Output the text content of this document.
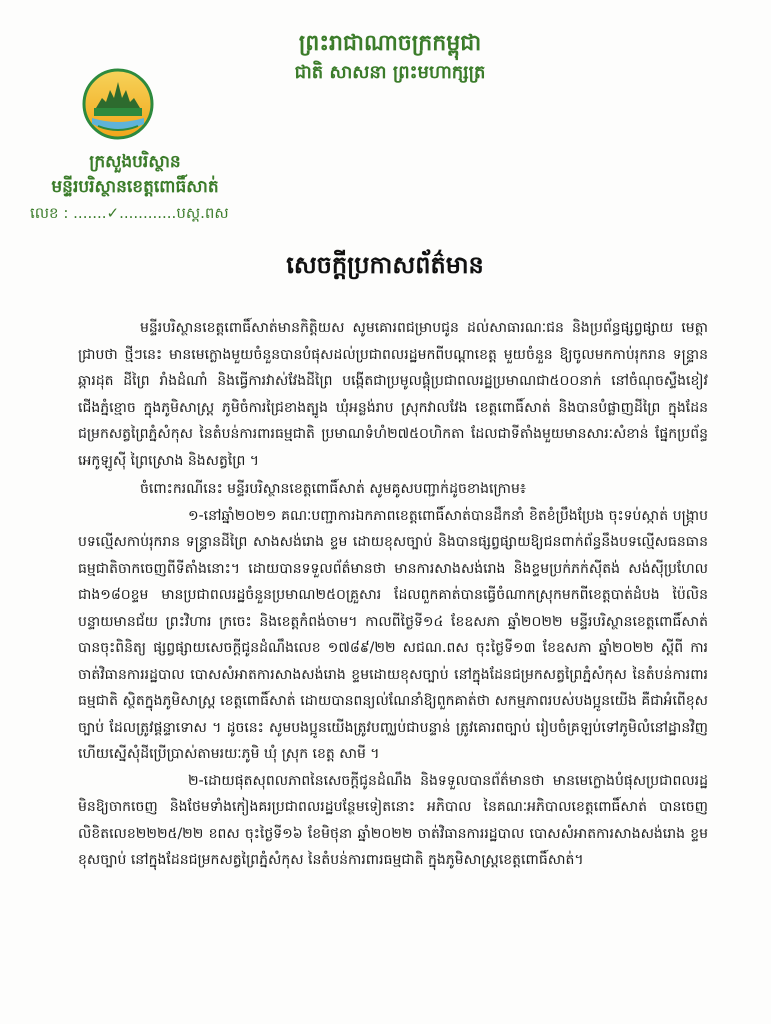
ព្រះរាជាណាចក្រកម្ពុជា
ជាតិ សាសនា ព្រះមហាក្សត្រ
ក្រសួងបរិស្ថាន
មន្ទីរបរិស្ថានខេត្តពោធិ៍សាត់
លេខ : .......✓............បស្ត.ពស
សេចក្តីប្រកាសព័ត៌មាន

មន្ទីរបរិស្ថានខេត្តពោធិ៍សាត់មានកិត្តិយស សូមគោរពជម្រាបជូន ដល់សាធារណៈជន និងប្រព័ន្ធផ្សព្វផ្សាយ មេត្តាជ្រាបថា ថ្មីៗនេះ មានមេក្លោងមួយចំនួនបានបំផុសដល់ប្រជាពលរដ្ឋមកពីបណ្តាខេត្ត មួយចំនួន ឱ្យចូលមកកាប់រុករាន ទន្ទ្រាន ឆ្ការដុត ដីព្រៃ រាំងដំណាំ និងធ្វើការវាស់វែងដីព្រៃ បង្កើតជាប្រមូលផ្តុំប្រជាពលរដ្ឋប្រមាណជា៥០០នាក់ នៅចំណុចស្ទឹងខៀវ ជើងភ្នំខ្មោច ក្នុងភូមិសាស្ត្រ ភូមិចំការជ្រៃខាងត្បូង ឃុំអន្លង់រាប ស្រុកវាលវែង ខេត្តពោធិ៍សាត់ និងបានបំផ្លាញដីព្រៃ ក្នុងដែនជម្រកសត្វព្រៃភ្នំសំកុស នៃតំបន់ការពារធម្មជាតិ ប្រមាណទំហំ២៧៥០ហិកតា ដែលជាទីតាំងមួយមានសារៈសំខាន់ ផ្នែកប្រព័ន្ធអេកូឡូស៊ី ព្រៃស្រោង និងសត្វព្រៃ ។

ចំពោះករណីនេះ មន្ទីរបរិស្ថានខេត្តពោធិ៍សាត់ សូមគូសបញ្ជាក់ដូចខាងក្រោម៖

១-នៅឆ្នាំ២០២១ គណៈបញ្ជាការឯកភាពខេត្តពោធិ៍សាត់បានដឹកនាំ ខិតខំប្រឹងប្រែង ចុះទប់ស្កាត់ បង្ក្រាប បទល្មើសកាប់រុករាន ទន្ទ្រានដីព្រៃ សាងសង់រោង ខ្ទម ដោយខុសច្បាប់ និងបានផ្សព្វផ្សាយឱ្យជនពាក់ព័ន្ធនឹងបទល្មើសធនធានធម្មជាតិចាកចេញពីទីតាំងនោះ។ ដោយបានទទួលព័ត៌មានថា មានការសាងសង់រោង និងខ្ទមប្រក់ភក់ស៊ីតង់ សង់ស៊ីប្រហែលជាង១៨០ខ្ទម មានប្រជាពលរដ្ឋចំនួនប្រមាណ២៥០គ្រួសារ ដែលពួកគាត់បានធ្វើចំណាកស្រុកមកពីខេត្តបាត់ដំបង ប៉ៃលិន បន្ទាយមានជ័យ ព្រះវិហារ ក្រចេះ និងខេត្តកំពង់ចាម។ កាលពីថ្ងៃទី១៤ ខែឧសភា ឆ្នាំ២០២២ មន្ទីរបរិស្ថានខេត្តពោធិ៍សាត់ បានចុះពិនិត្យ ផ្សព្វផ្សាយសេចក្តីជូនដំណឹងលេខ ១៧៨៩/២២ សជណ.ពស ចុះថ្ងៃទី១៣ ខែឧសភា ឆ្នាំ២០២២ ស្តីពី ការចាត់វិធានការរដ្ឋបាល បោសសំអាតការសាងសង់រោង ខ្ទមដោយខុសច្បាប់ នៅក្នុងដែនជម្រកសត្វព្រៃភ្នំសំកុស នៃតំបន់ការពារធម្មជាតិ ស្ថិតក្នុងភូមិសាស្ត្រ ខេត្តពោធិ៍សាត់ ដោយបានពន្យល់ណែនាំឱ្យពួកគាត់ថា សកម្មភាពរបស់បងប្អូនយើង គឺជាអំពើខុសច្បាប់ ដែលត្រូវផ្តន្ទាទោស ។ ដូចនេះ សូមបងប្អូនយើងត្រូវបញ្ឈប់ជាបន្ទាន់ ត្រូវគោរពច្បាប់ រៀបចំគ្រឡប់ទៅភូមិលំនៅដ្ឋានវិញ ហើយស្នើសុំដីប្រើប្រាស់តាមរយៈភូមិ ឃុំ ស្រុក ខេត្ត សាមី ។

២-ដោយផុតសុពលភាពនៃសេចក្តីជូនដំណឹង និងទទួលបានព័ត៌មានថា មានមេក្លោងបំផុសប្រជាពលរដ្ឋមិនឱ្យចាកចេញ និងថែមទាំងកៀងគរប្រជាពលរដ្ឋបន្ថែមទៀតនោះ អភិបាល នៃគណៈអភិបាលខេត្តពោធិ៍សាត់ បានចេញលិខិតលេខ២២២៥/២២ ខពស ចុះថ្ងៃទី១៦ ខែមិថុនា ឆ្នាំ២០២២ ចាត់វិធានការរដ្ឋបាល បោសសំអាតការសាងសង់រោង ខ្ទមខុសច្បាប់ នៅក្នុងដែនជម្រកសត្វព្រៃភ្នំសំកុស នៃតំបន់ការពារធម្មជាតិ ក្នុងភូមិសាស្ត្រខេត្តពោធិ៍សាត់។
